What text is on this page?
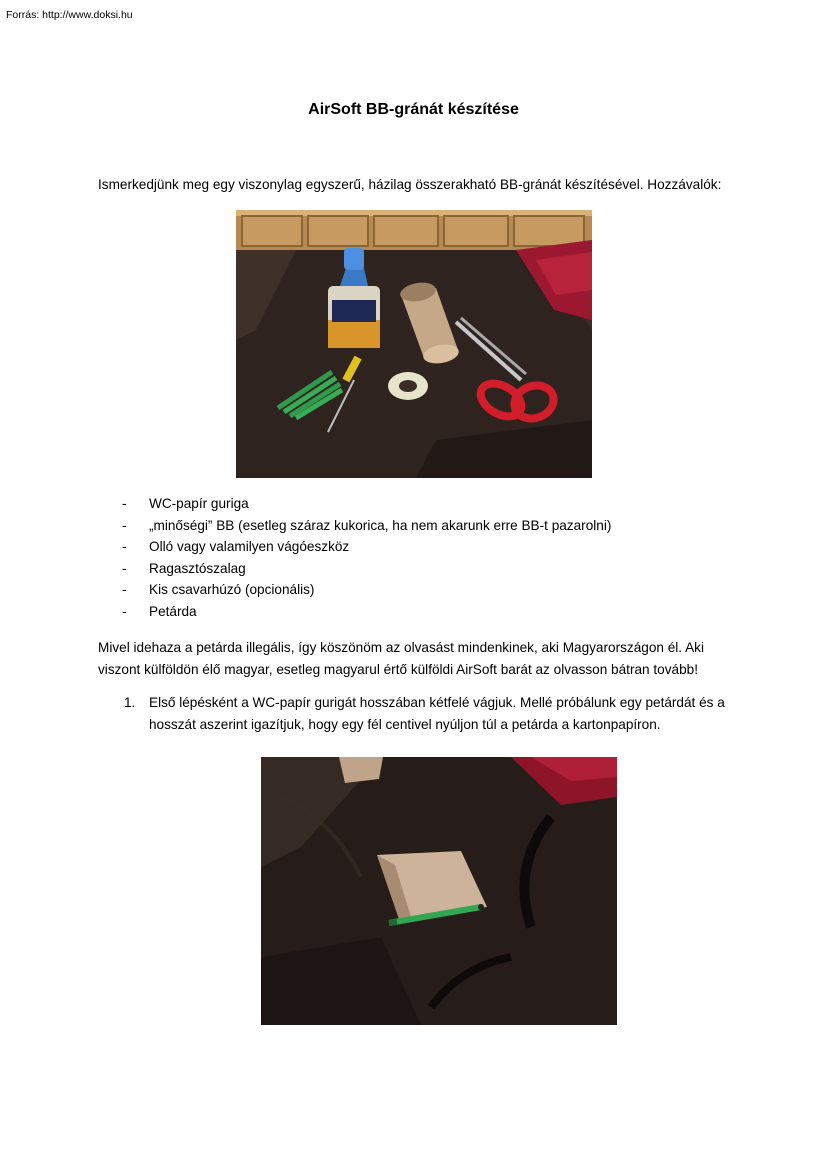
Forrás: http://www.doksi.hu
AirSoft BB-gránát készítése
Ismerkedjünk meg egy viszonylag egyszerű, házilag összerakható BB-gránát készítésével. Hozzávalók:
- WC-papír guriga
- „minőségi” BB (esetleg száraz kukorica, ha nem akarunk erre BB-t pazarolni)
- Olló vagy valamilyen vágóeszköz
- Ragasztószalag
- Kis csavarhúzó (opcionális)
- Petárda
Mivel idehaza a petárda illegális, így köszönöm az olvasást mindenkinek, aki Magyarországon él. Aki viszont külföldön élő magyar, esetleg magyarul értő külföldi AirSoft barát az olvasson bátran tovább!
1. Első lépésként a WC-papír gurigát hosszában kétfelé vágjuk. Mellé próbálunk egy petárdát és a hosszát aszerint igazítjuk, hogy egy fél centivel nyúljon túl a petárda a kartonpapíron.
